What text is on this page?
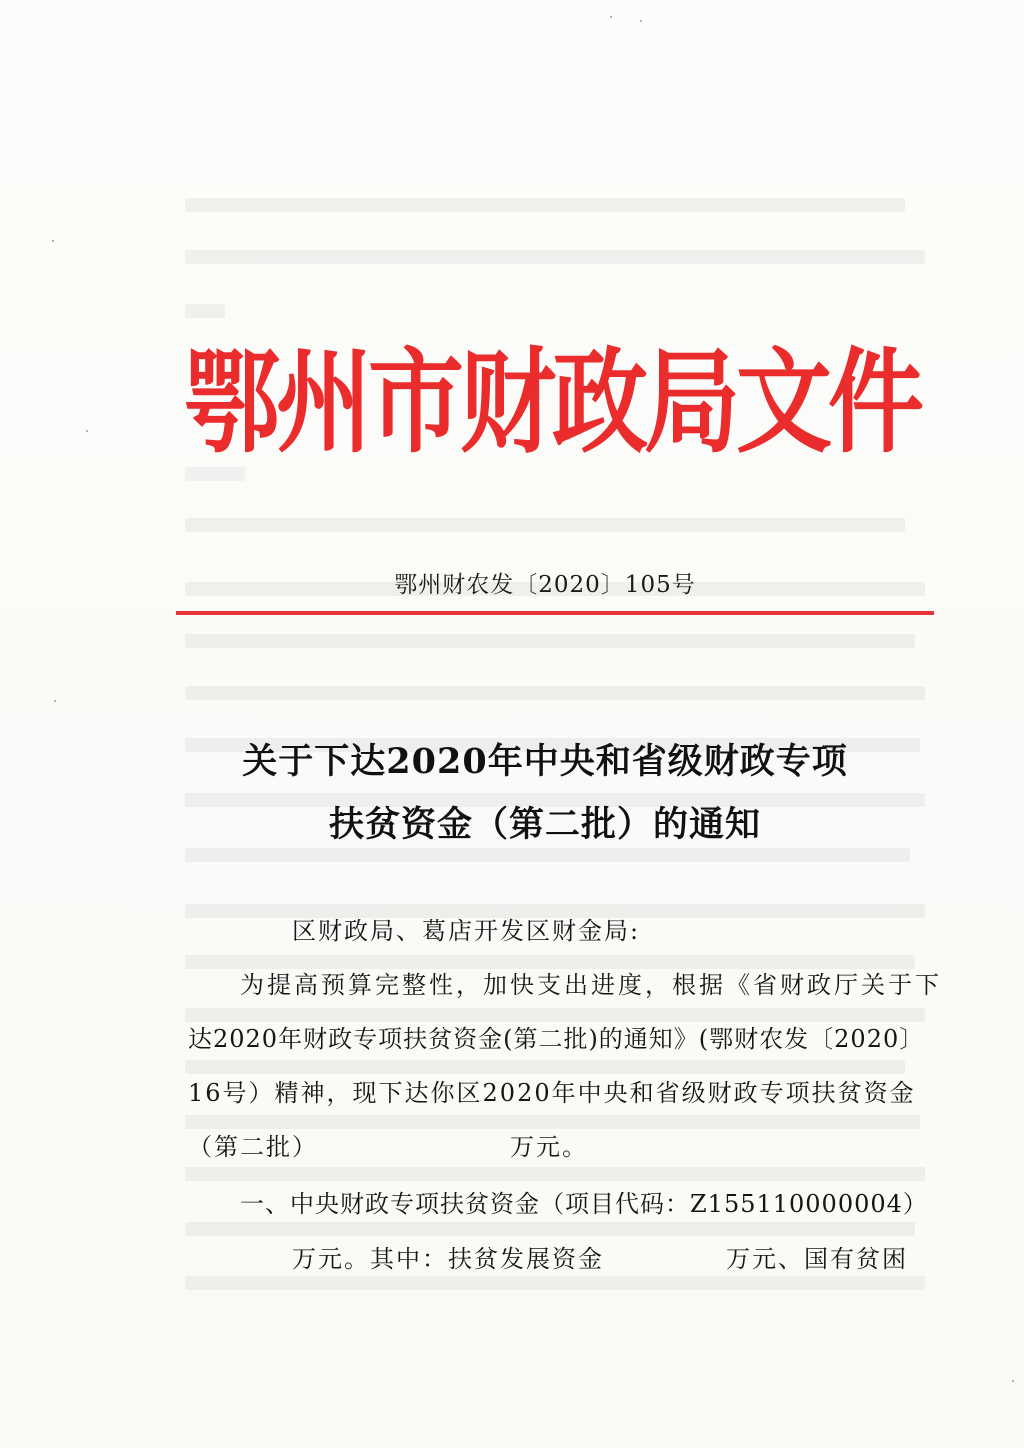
鄂州市财政局文件
鄂州财农发〔2020〕105号
关于下达2020年中央和省级财政专项
扶贫资金（第二批）的通知
区财政局、葛店开发区财金局:
为提高预算完整性，加快支出进度，根据《省财政厅关于下
达2020年财政专项扶贫资金(第二批)的通知》(鄂财农发〔2020〕
16号）精神，现下达你区2020年中央和省级财政专项扶贫资金
（第二批）	万元。
一、中央财政专项扶贫资金（项目代码：Z155110000004）
万元。其中：扶贫发展资金	万元、国有贫困
